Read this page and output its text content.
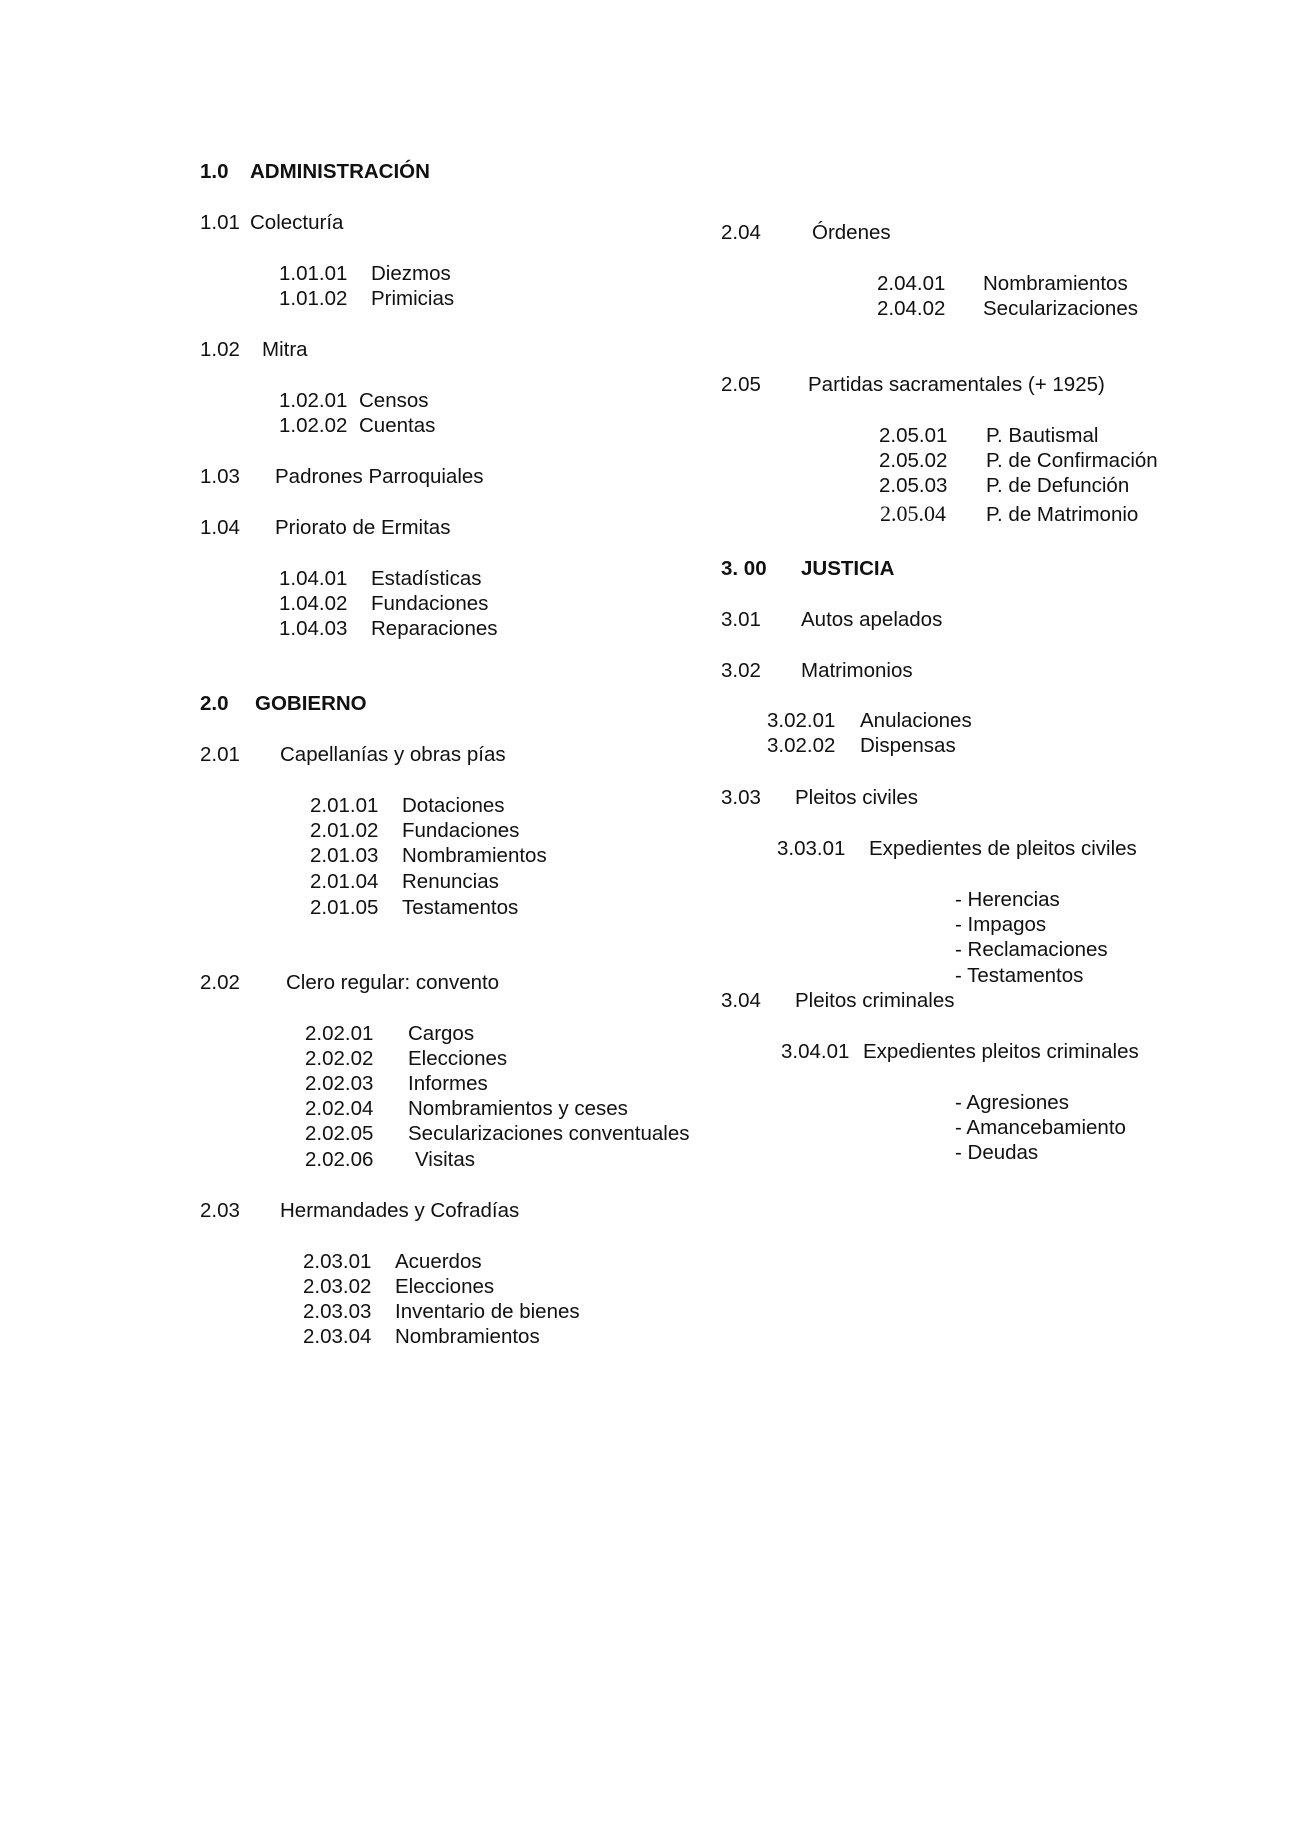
1.0 ADMINISTRACIÓN
1.01 Colecturía
1.01.01 Diezmos
1.01.02 Primicias
1.02 Mitra
1.02.01 Censos
1.02.02 Cuentas
1.03 Padrones Parroquiales
1.04 Priorato de Ermitas
1.04.01 Estadísticas
1.04.02 Fundaciones
1.04.03 Reparaciones
2.0 GOBIERNO
2.01 Capellanías y obras pías
2.01.01 Dotaciones
2.01.02 Fundaciones
2.01.03 Nombramientos
2.01.04 Renuncias
2.01.05 Testamentos
2.02 Clero regular: convento
2.02.01 Cargos
2.02.02 Elecciones
2.02.03 Informes
2.02.04 Nombramientos y ceses
2.02.05 Secularizaciones conventuales
2.02.06 Visitas
2.03 Hermandades y Cofradías
2.03.01 Acuerdos
2.03.02 Elecciones
2.03.03 Inventario de bienes
2.03.04 Nombramientos
2.04 Órdenes
2.04.01 Nombramientos
2.04.02 Secularizaciones
2.05 Partidas sacramentales (+ 1925)
2.05.01 P. Bautismal
2.05.02 P. de Confirmación
2.05.03 P. de Defunción
2.05.04 P. de Matrimonio
3. 00 JUSTICIA
3.01 Autos apelados
3.02 Matrimonios
3.02.01 Anulaciones
3.02.02 Dispensas
3.03 Pleitos civiles
3.03.01 Expedientes de pleitos civiles
- Herencias
- Impagos
- Reclamaciones
- Testamentos
3.04 Pleitos criminales
3.04.01 Expedientes pleitos criminales
- Agresiones
- Amancebamiento
- Deudas
